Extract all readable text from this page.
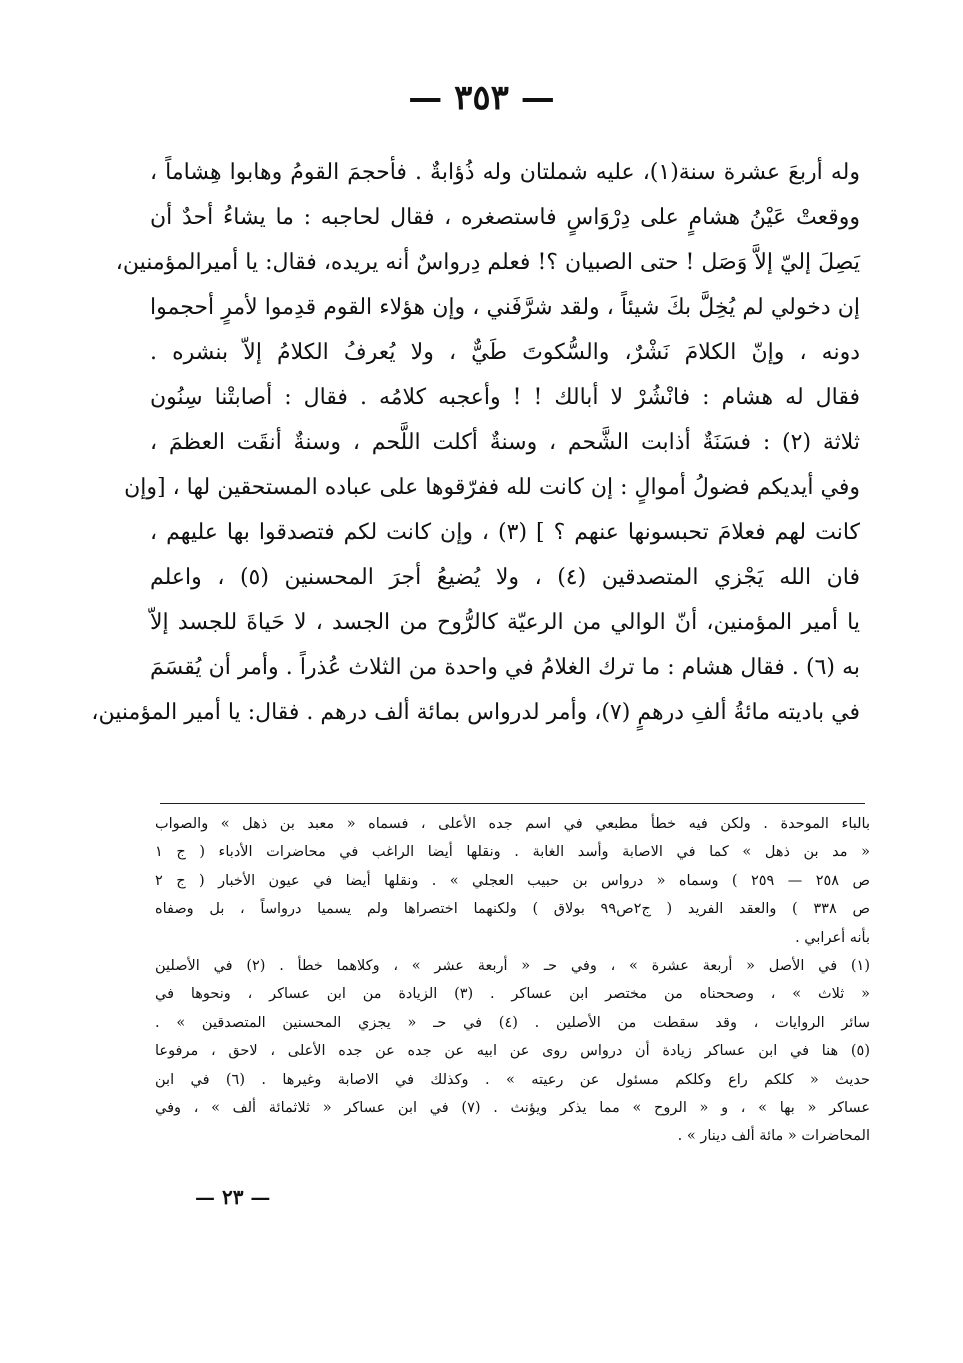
— ٣٥٣ —
وله أربعَ عشرة سنة(١)، عليه شملتان وله ذُؤابةٌ . فأحجمَ القومُ وهابوا هِشاماً ،
ووقعتْ عَيْنُ هشامٍ على دِرْوَاسٍ فاستصغره ، فقال لحاجبه : ما يشاءُ أحدٌ أن
يَصِلَ إليّ إلاَّ وَصَل ! حتى الصبيان ؟! فعلم دِرواسٌ أنه يريده، فقال: يا أميرالمؤمنين،
إن دخولي لم يُخِلَّ بكَ شيئاً ، ولقد شرَّفَني ، وإن هؤلاء القوم قدِموا لأمرٍ أحجموا
دونه ، وإنّ الكلامَ نَشْرٌ، والسُّكوتَ طَيٌّ ، ولا يُعرفُ الكلامُ إلاّ بنشره .
فقال له هشام : فانْشُرْ لا أبالك ! ! وأعجبه كلامُه . فقال : أصابتْنا سِنُون
ثلاثة (٢) : فسَنَةٌ أذابت الشَّحم ، وسنةٌ أكلت اللَّحم ، وسنةٌ أنقَت العظمَ ،
وفي أيديكم فضولُ أموالٍ : إن كانت لله ففرّقوها على عباده المستحقين لها ، [وإن
كانت لهم فعلامَ تحبسونها عنهم ؟ ] (٣) ، وإن كانت لكم فتصدقوا بها عليهم ،
فان الله يَجْزي المتصدقين (٤) ، ولا يُضيعُ أجرَ المحسنين (٥) ، واعلم
يا أمير المؤمنين، أنّ الوالي من الرعيّة كالرُّوح من الجسد ، لا حَياةَ للجسد إلاّ
به (٦) . فقال هشام : ما ترك الغلامُ في واحدة من الثلاث عُذراً . وأمر أن يُقسَمَ
في باديته مائةُ ألفِ درهمٍ (٧)، وأمر لدرواس بمائة ألف درهم . فقال: يا أمير المؤمنين،
بالباء الموحدة . ولكن فيه خطأ مطبعي في اسم جده الأعلى ، فسماه « معبد بن ذهل » والصواب
« مد بن ذهل » كما في الاصابة وأسد الغابة . ونقلها أيضا الراغب في محاضرات الأدباء ( ج ١
ص ٢٥٨ — ٢٥٩ ) وسماه « درواس بن حبيب العجلي » . ونقلها أيضا في عيون الأخبار ( ج ٢
ص ٣٣٨ ) والعقد الفريد ( ج٢ص٩٩ بولاق ) ولكنهما اختصراها ولم يسميا درواساً ، بل وصفاه
بأنه أعرابي .
(١) في الأصل « أربعة عشرة » ، وفي حـ « أربعة عشر » ، وكلاهما خطأ . (٢) في الأصلين
« ثلاث » ، وصححناه من مختصر ابن عساكر . (٣) الزيادة من ابن عساكر ، ونحوها في
سائر الروايات ، وقد سقطت من الأصلين . (٤) في حـ « يجزي المحسنين المتصدقين » .
(٥) هنا في ابن عساكر زيادة أن درواس روى عن ابيه عن جده عن جده الأعلى ، لاحق ، مرفوعا
حديث « كلكم راع وكلكم مسئول عن رعيته » . وكذلك في الاصابة وغيرها . (٦) في ابن
عساكر « بها » ، و « الروح » مما يذكر ويؤنث . (٧) في ابن عساكر « ثلاثمائة ألف » ، وفي
المحاضرات « مائة ألف دينار » .
— ٢٣ —
